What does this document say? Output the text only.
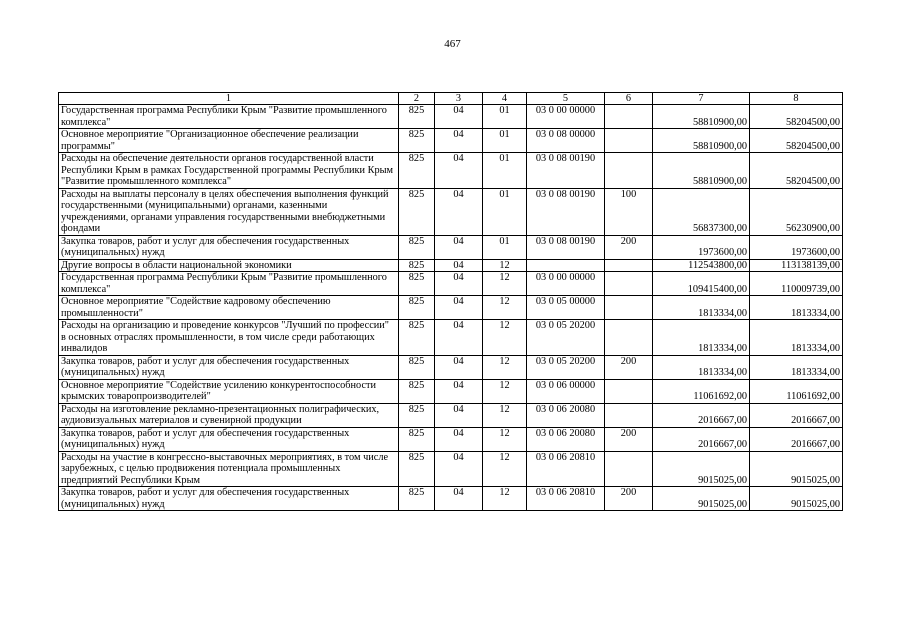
467
1	2	3	4	5	6	7	8
Государственная программа Республики Крым "Развитие промышленного комплекса"	825	04	01	03 0 00 00000		58810900,00	58204500,00
Основное мероприятие "Организационное обеспечение реализации программы"	825	04	01	03 0 08 00000		58810900,00	58204500,00
Расходы на обеспечение деятельности органов государственной власти Республики Крым в рамках Государственной программы Республики Крым "Развитие промышленного комплекса"	825	04	01	03 0 08 00190		58810900,00	58204500,00
Расходы на выплаты персоналу в целях обеспечения выполнения функций государственными (муниципальными) органами, казенными учреждениями, органами управления государственными внебюджетными фондами	825	04	01	03 0 08 00190	100	56837300,00	56230900,00
Закупка товаров, работ и услуг для обеспечения государственных (муниципальных) нужд	825	04	01	03 0 08 00190	200	1973600,00	1973600,00
Другие вопросы в области национальной экономики	825	04	12			112543800,00	113138139,00
Государственная программа Республики Крым "Развитие промышленного комплекса"	825	04	12	03 0 00 00000		109415400,00	110009739,00
Основное мероприятие "Содействие кадровому обеспечению промышленности"	825	04	12	03 0 05 00000		1813334,00	1813334,00
Расходы на организацию и проведение конкурсов "Лучший по профессии" в основных отраслях промышленности, в том числе среди работающих инвалидов	825	04	12	03 0 05 20200		1813334,00	1813334,00
Закупка товаров, работ и услуг для обеспечения государственных (муниципальных) нужд	825	04	12	03 0 05 20200	200	1813334,00	1813334,00
Основное мероприятие "Содействие усилению конкурентоспособности крымских товаропроизводителей"	825	04	12	03 0 06 00000		11061692,00	11061692,00
Расходы на изготовление рекламно-презентационных полиграфических, аудиовизуальных материалов и сувенирной продукции	825	04	12	03 0 06 20080		2016667,00	2016667,00
Закупка товаров, работ и услуг для обеспечения государственных (муниципальных) нужд	825	04	12	03 0 06 20080	200	2016667,00	2016667,00
Расходы на участие в конгрессно-выставочных мероприятиях, в том числе зарубежных, с целью продвижения потенциала промышленных предприятий Республики Крым	825	04	12	03 0 06 20810		9015025,00	9015025,00
Закупка товаров, работ и услуг для обеспечения государственных (муниципальных) нужд	825	04	12	03 0 06 20810	200	9015025,00	9015025,00
